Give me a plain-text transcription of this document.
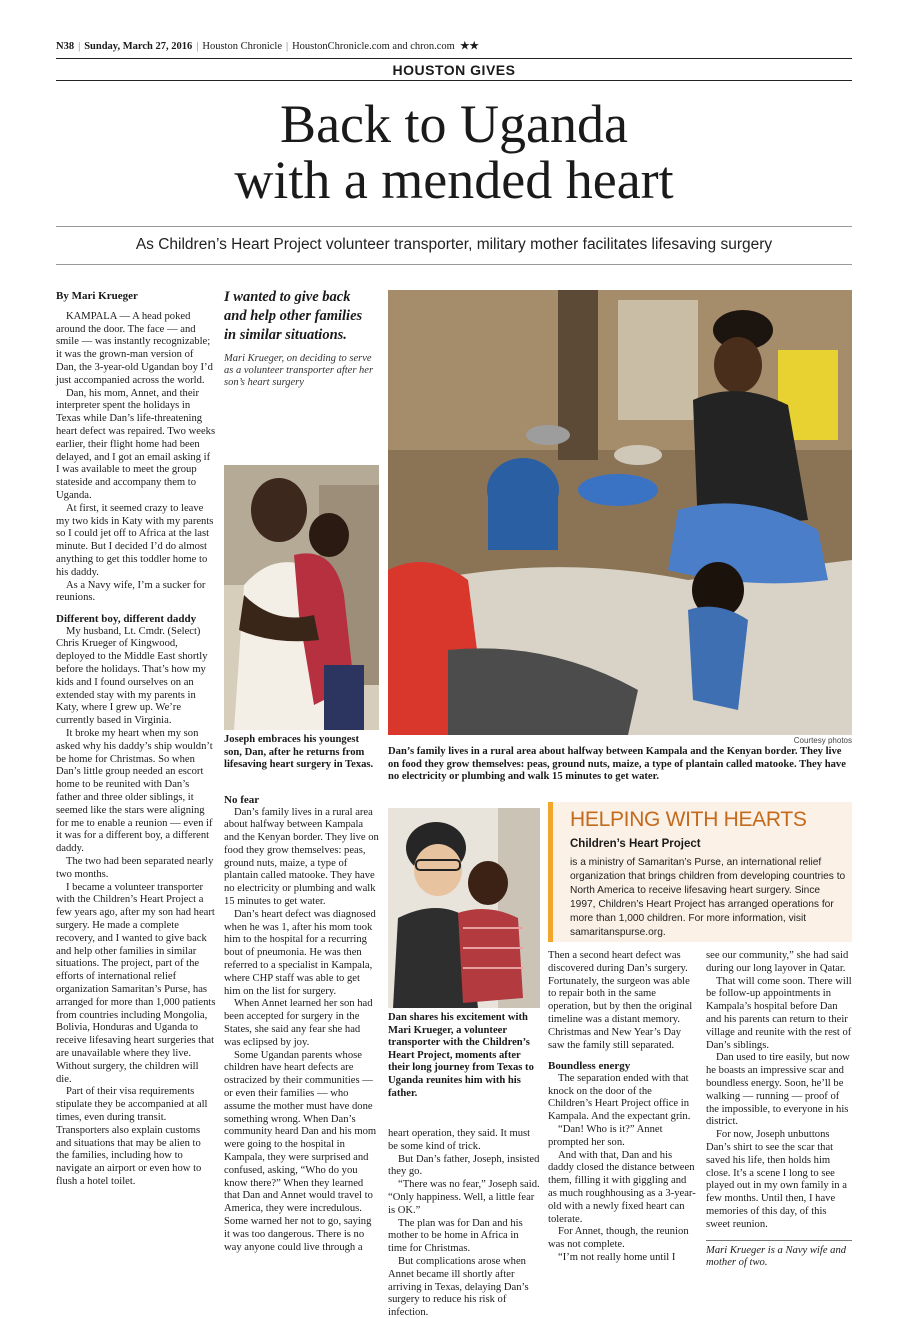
N38 | Sunday, March 27, 2016 | Houston Chronicle | HoustonChronicle.com and chron.com ★★
HOUSTON GIVES
Back to Uganda
with a mended heart
As Children’s Heart Project volunteer transporter, military mother facilitates lifesaving surgery
By Mari Krueger

KAMPALA — A head poked around the door. The face — and smile — was instantly recognizable; it was the grown-man version of Dan, the 3-year-old Ugandan boy I’d just accompanied across the world.

Dan, his mom, Annet, and their interpreter spent the holidays in Texas while Dan’s life-threatening heart defect was repaired. Two weeks earlier, their flight home had been delayed, and I got an email asking if I was available to meet the group stateside and accompany them to Uganda.

At first, it seemed crazy to leave my two kids in Katy with my parents so I could jet off to Africa at the last minute. But I decided I’d do almost anything to get this toddler home to his daddy.

As a Navy wife, I’m a sucker for reunions.

Different boy, different daddy

My husband, Lt. Cmdr. (Select) Chris Krueger of Kingwood, deployed to the Middle East shortly before the holidays. That’s how my kids and I found ourselves on an extended stay with my parents in Katy, where I grew up. We’re currently based in Virginia.

It broke my heart when my son asked why his daddy’s ship wouldn’t be home for Christmas. So when Dan’s little group needed an escort home to be reunited with Dan’s father and three older siblings, it seemed like the stars were aligning for me to enable a reunion — even if it was for a different boy, a different daddy.

The two had been separated nearly two months.

I became a volunteer transporter with the Children’s Heart Project a few years ago, after my son had heart surgery. He made a complete recovery, and I wanted to give back and help other families in similar situations. The project, part of the efforts of international relief organization Samaritan’s Purse, has arranged for more than 1,000 patients from countries including Mongolia, Bolivia, Honduras and Uganda to receive lifesaving heart surgeries that are unavailable where they live. Without surgery, the children will die.

Part of their visa requirements stipulate they be accompanied at all times, even during transit. Transporters also explain customs and situations that may be alien to the families, including how to navigate an airport or even how to flush a hotel toilet.

I wanted to give back and help other families in similar situations.
Mari Krueger, on deciding to serve as a volunteer transporter after her son’s heart surgery
Joseph embraces his youngest son, Dan, after he returns from lifesaving heart surgery in Texas.
No fear

Dan’s family lives in a rural area about halfway between Kampala and the Kenyan border. They live on food they grow themselves: peas, ground nuts, maize, a type of plantain called matooke. They have no electricity or plumbing and walk 15 minutes to get water.

Dan’s heart defect was diagnosed when he was 1, after his mom took him to the hospital for a recurring bout of pneumonia. He was then referred to a specialist in Kampala, where CHP staff was able to get him on the list for surgery.

When Annet learned her son had been accepted for surgery in the States, she said any fear she had was eclipsed by joy.

Some Ugandan parents whose children have heart defects are ostracized by their communities — or even their families — who assume the mother must have done something wrong. When Dan’s community heard Dan and his mom were going to the hospital in Kampala, they were surprised and confused, asking, “Who do you know there?” When they learned that Dan and Annet would travel to America, they were incredulous. Some warned her not to go, saying it was too dangerous. There is no way anyone could live through a

Courtesy photos
Dan’s family lives in a rural area about halfway between Kampala and the Kenyan border. They live on food they grow themselves: peas, ground nuts, maize, a type of plantain called matooke. They have no electricity or plumbing and walk 15 minutes to get water.
Dan shares his excitement with Mari Krueger, a volunteer transporter with the Children’s Heart Project, moments after their long journey from Texas to Uganda reunites him with his father.

heart operation, they said. It must be some kind of trick.

But Dan’s father, Joseph, insisted they go.

“There was no fear,” Joseph said. “Only happiness. Well, a little fear is OK.”

The plan was for Dan and his mother to be home in Africa in time for Christmas.

But complications arose when Annet became ill shortly after arriving in Texas, delaying Dan’s surgery to reduce his risk of infection.

HELPING WITH HEARTS
Children’s Heart Project
is a ministry of Samaritan’s Purse, an international relief organization that brings children from developing countries to North America to receive lifesaving heart surgery. Since 1997, Children’s Heart Project has arranged operations for more than 1,000 children. For more information, visit samaritanspurse.org.

Then a second heart defect was discovered during Dan’s surgery. Fortunately, the surgeon was able to repair both in the same operation, but by then the original timeline was a distant memory. Christmas and New Year’s Day saw the family still separated.

Boundless energy

The separation ended with that knock on the door of the Children’s Heart Project office in Kampala. And the expectant grin.

“Dan! Who is it?” Annet prompted her son.

And with that, Dan and his daddy closed the distance between them, filling it with giggling and as much roughhousing as a 3-year-old with a newly fixed heart can tolerate.

For Annet, though, the reunion was not complete.

“I’m not really home until I

see our community,” she had said during our long layover in Qatar.

That will come soon. There will be follow-up appointments in Kampala’s hospital before Dan and his parents can return to their village and reunite with the rest of Dan’s siblings.

Dan used to tire easily, but now he boasts an impressive scar and boundless energy. Soon, he’ll be walking — running — proof of the impossible, to everyone in his district.

For now, Joseph unbuttons Dan’s shirt to see the scar that saved his life, then holds him close. It’s a scene I long to see played out in my own family in a few months. Until then, I have memories of this day, of this sweet reunion.

Mari Krueger is a Navy wife and mother of two.
